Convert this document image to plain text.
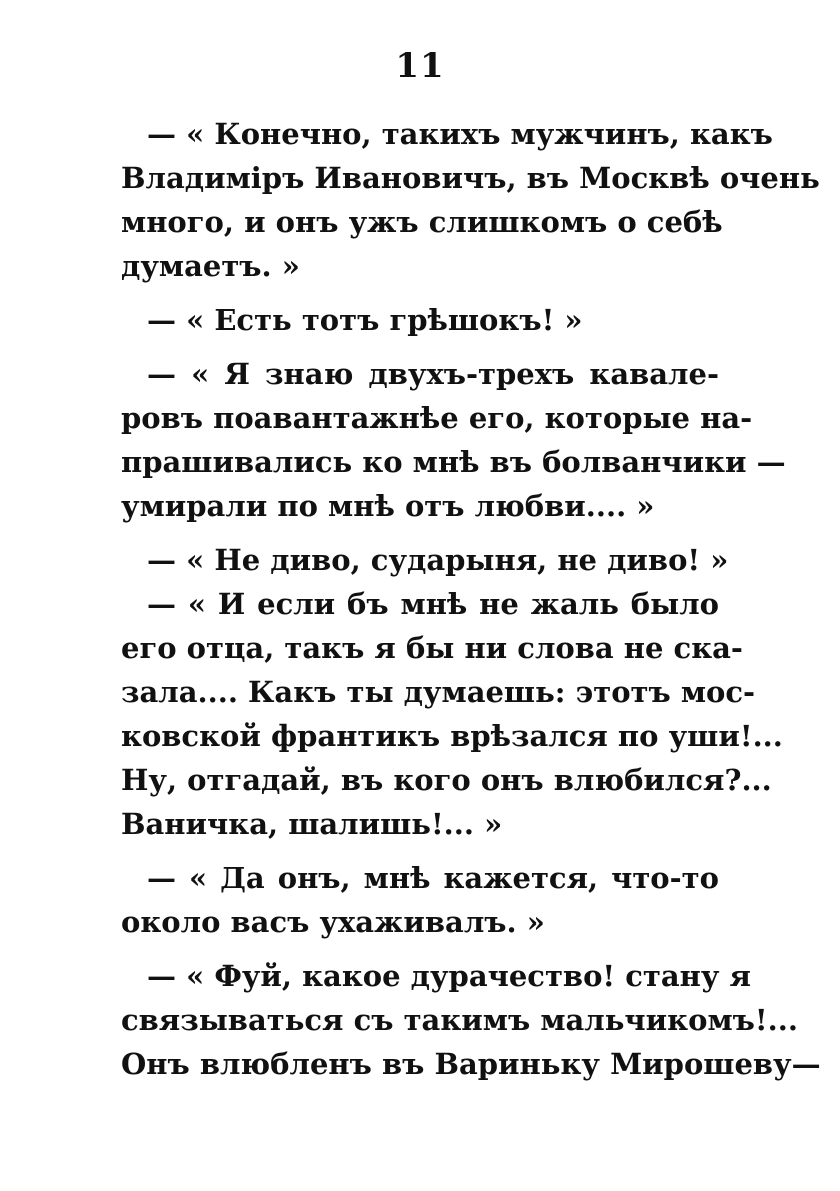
11
— « Конечно, такихъ мужчинъ, какъ
Владиміръ Ивановичъ, въ Москвѣ очень
много, и онъ ужъ слишкомъ о себѣ
думаетъ. »
— « Есть тотъ грѣшокъ! »
— « Я знаю двухъ-трехъ кавале-
ровъ поавантажнѣе его, которые на-
прашивались ко мнѣ въ болванчики —
умирали по мнѣ отъ любви.... »
— « Не диво, сударыня, не диво! »
— « И если бъ мнѣ не жаль было
его отца, такъ я бы ни слова не ска-
зала.... Какъ ты думаешь: этотъ мос-
ковской франтикъ врѣзался по уши!...
Ну, отгадай, въ кого онъ влюбился?...
Ваничка, шалишь!... »
— « Да онъ, мнѣ кажется, что-то
около васъ ухаживалъ. »
— « Фуй, какое дурачество! стану я
связываться съ такимъ мальчикомъ!...
Онъ влюбленъ въ Вариньку Мирошеву—
